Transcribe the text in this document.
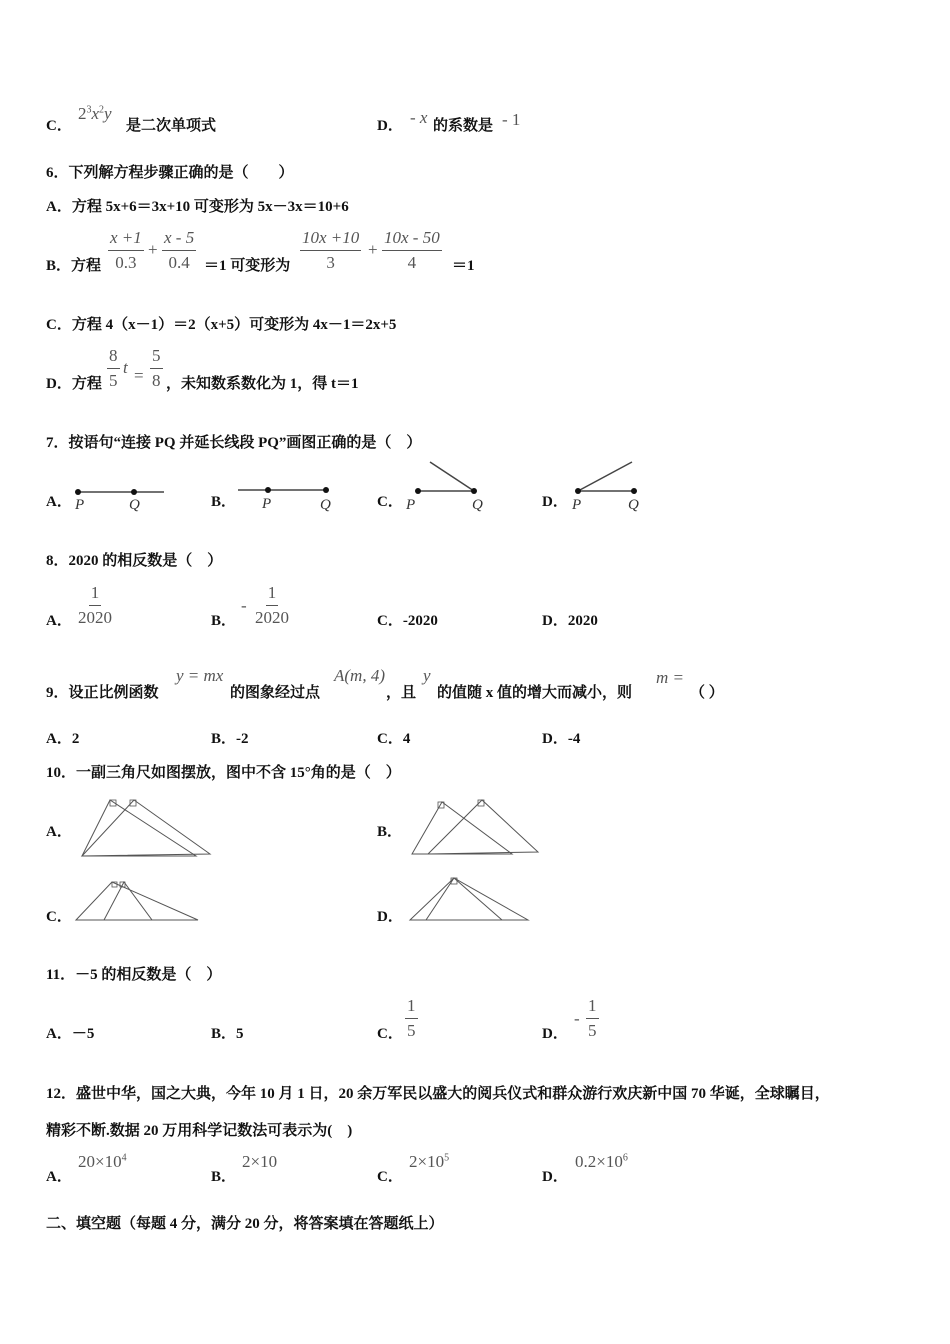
C．
$2^3x^2y$
是二次单项式	D． - x 的系数是 - 1
6．下列解方程步骤正确的是（　　）
A．方程 5x+6＝3x+10 可变形为 5x－3x＝10+6
B．方程 $\frac{x +1}{0.3} + \frac{x - 5}{0.4} =1$ 可变形为 $\frac{10x +10}{3} + \frac{10x - 50}{4} =1$
C．方程 4（x－1）＝2（x+5）可变形为 4x－1＝2x+5
D．方程 $\frac{8}{5}$ $t = \frac{5}{8}$ ，未知数系数化为 1，得 t＝1
7．按语句“连接 PQ 并延长线段 PQ”画图正确的是（　）
A． P	Q	B． P	Q	C． P	Q	D． P	Q
8．2020 的相反数是（　）
A． $\frac{1}{2020}$	B．
- $\frac{1}{2020}$	C．-2020	D．2020
9．设正比例函数
y = mx
的图象经过点
A(m, 4)
，且
y
的值随 x 值的增大而减小，则
m =
（ ）
A．2	B．-2	C．4	D．-4
10．一副三角尺如图摆放，图中不含 15°角的是（　）
A．	B．
C．	D．
11．－5 的相反数是（　）
A．－5	B．5	C． $\frac{1}{5}$	D．
- $\frac{1}{5}$
12．盛世中华，国之大典，今年 10 月 1 日，20 余万军民以盛大的阅兵仪式和群众游行欢庆新中国 70 华诞，全球瞩目，
精彩不断.数据 20 万用科学记数法可表示为(　)
A．
$20\times 10^4$
B．
2×10
C．
$2\times 10^5$
D．
$0.2\times 10^6$
二、填空题（每题 4 分，满分 20 分，将答案填在答题纸上）
